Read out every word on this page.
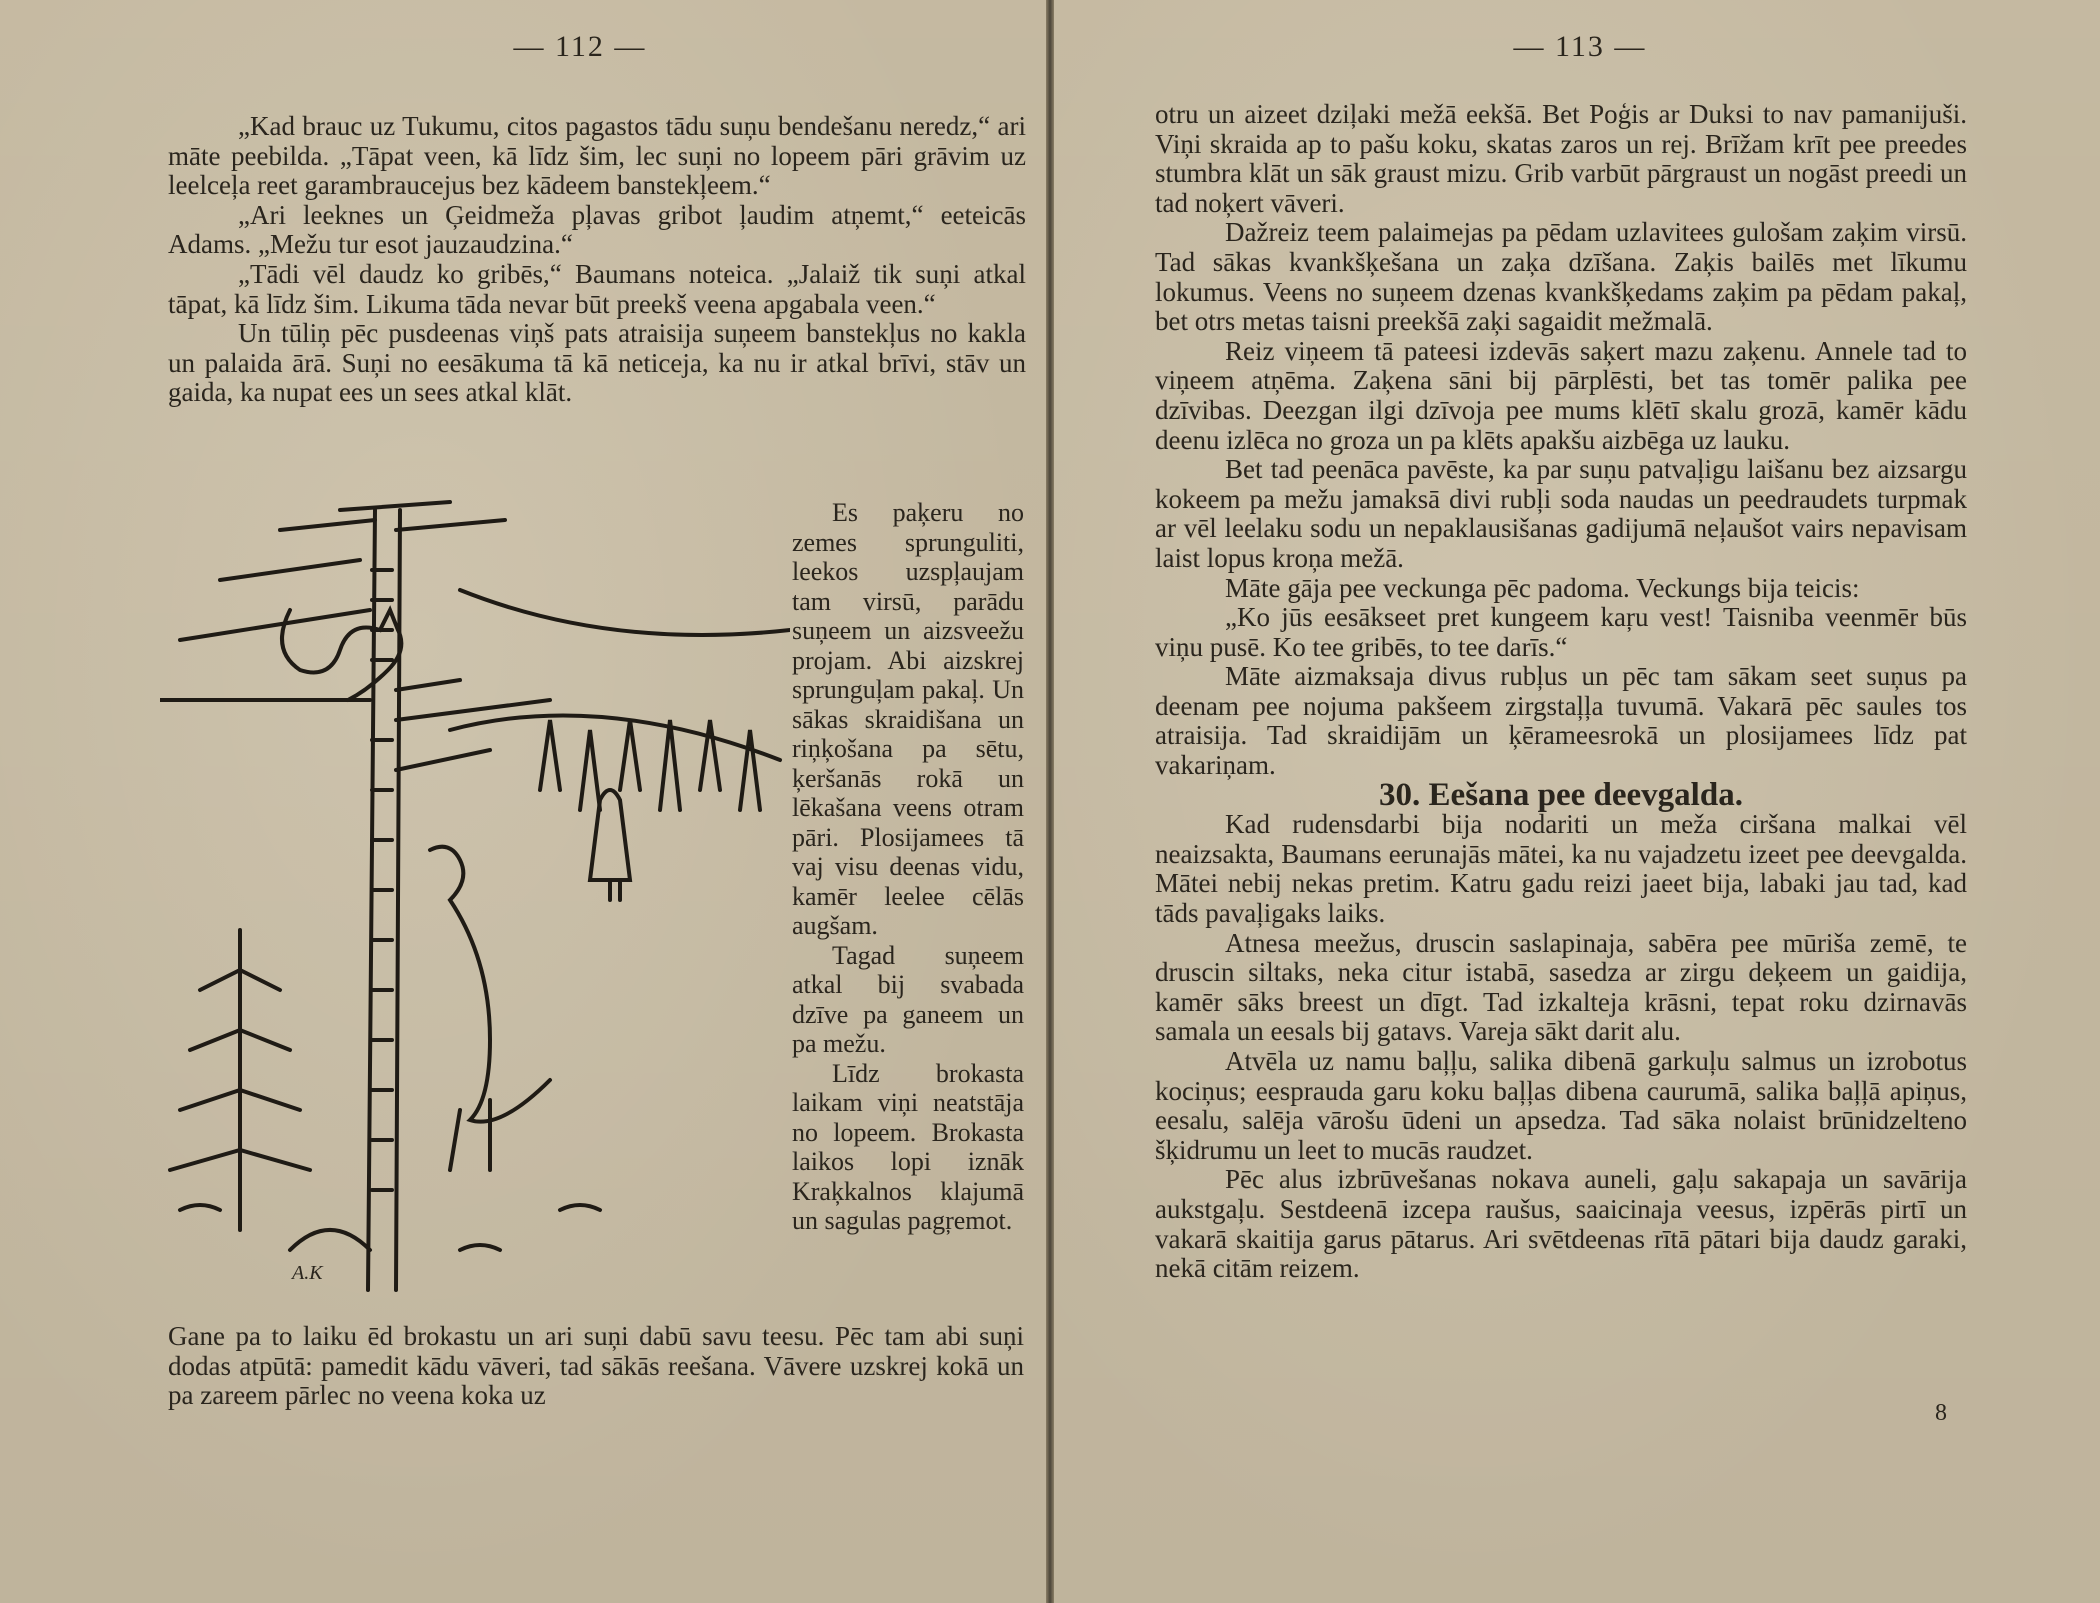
— 112 —	— 113 —

„Kad brauc uz Tukumu, citos pagastos tādu suņu bendešanu neredz,“ ari māte peebilda. „Tāpat veen, kā līdz šim, lec suņi no lopeem pāri grāvim uz leelceļa reet garambraucejus bez kādeem banstekļeem.“

„Ari leeknes un Ģeidmeža pļavas gribot ļaudim atņemt,“ eeteicās Adams. „Mežu tur esot jauzaudzina.“

„Tādi vēl daudz ko gribēs,“ Baumans noteica. „Jalaiž tik suņi atkal tāpat, kā līdz šim. Likuma tāda nevar būt preekš veena apgabala veen.“

Un tūliņ pēc pusdeenas viņš pats atraisija suņeem banstekļus no kakla un palaida ārā. Suņi no eesākuma tā kā neticeja, ka nu ir atkal brīvi, stāv un gaida, ka nupat ees un sees atkal klāt.

A.K

Es paķeru no zemes sprunguliti, leekos uzspļaujam tam virsū, parādu suņeem un aizsveežu projam. Abi aizskrej sprunguļam pakaļ. Un sākas skraidišana un riņķošana pa sētu, ķeršanās rokā un lēkašana veens otram pāri. Plosijamees tā vaj visu deenas vidu, kamēr leelee cēlās augšam.

Tagad suņeem atkal bij svabada dzīve pa ganeem un pa mežu.

Līdz brokasta laikam viņi neatstāja no lopeem. Brokasta laikos lopi iznāk Kraķkalnos klajumā un sagulas pagŗemot.

Gane pa to laiku ēd brokastu un ari suņi dabū savu teesu. Pēc tam abi suņi dodas atpūtā: pamedit kādu vāveri, tad sākās reešana. Vāvere uzskrej kokā un pa zareem pārlec no veena koka uz

otru un aizeet dziļaki mežā eekšā. Bet Poģis ar Duksi to nav pamanijuši. Viņi skraida ap to pašu koku, skatas zaros un rej. Brīžam krīt pee preedes stumbra klāt un sāk graust mizu. Grib varbūt pārgraust un nogāst preedi un tad noķert vāveri.

Dažreiz teem palaimejas pa pēdam uzlavitees gulošam zaķim virsū. Tad sākas kvankšķešana un zaķa dzīšana. Zaķis bailēs met līkumu lokumus. Veens no suņeem dzenas kvankšķedams zaķim pa pēdam pakaļ, bet otrs metas taisni preekšā zaķi sagaidit mežmalā.

Reiz viņeem tā pateesi izdevās saķert mazu zaķenu. Annele tad to viņeem atņēma. Zaķena sāni bij pārplēsti, bet tas tomēr palika pee dzīvibas. Deezgan ilgi dzīvoja pee mums klētī skalu grozā, kamēr kādu deenu izlēca no groza un pa klēts apakšu aizbēga uz lauku.

Bet tad peenāca pavēste, ka par suņu patvaļigu laišanu bez aizsargu kokeem pa mežu jamaksā divi rubļi soda naudas un peedraudets turpmak ar vēl leelaku sodu un nepaklausišanas gadijumā neļaušot vairs nepavisam laist lopus kroņa mežā.

Māte gāja pee veckunga pēc padoma. Veckungs bija teicis:

„Ko jūs eesākseet pret kungeem kaŗu vest! Taisniba veenmēr būs viņu pusē. Ko tee gribēs, to tee darīs.“

Māte aizmaksaja divus rubļus un pēc tam sākam seet suņus pa deenam pee nojuma pakšeem zirgstaļļa tuvumā. Vakarā pēc saules tos atraisija. Tad skraidijām un ķērameesrokā un plosijamees līdz pat vakariņam.

30. Eešana pee deevgalda.

Kad rudensdarbi bija nodariti un meža ciršana malkai vēl neaizsakta, Baumans eerunajās mātei, ka nu vajadzetu izeet pee deevgalda. Mātei nebij nekas pretim. Katru gadu reizi jaeet bija, labaki jau tad, kad tāds pavaļigaks laiks.

Atnesa meežus, druscin saslapinaja, sabēra pee mūriša zemē, te druscin siltaks, neka citur istabā, sasedza ar zirgu deķeem un gaidija, kamēr sāks breest un dīgt. Tad izkalteja krāsni, tepat roku dzirnavās samala un eesals bij gatavs. Vareja sākt darit alu.

Atvēla uz namu baļļu, salika dibenā garkuļu salmus un izrobotus kociņus; eesprauda garu koku baļļas dibena caurumā, salika baļļā apiņus, eesalu, salēja vārošu ūdeni un apsedza. Tad sāka nolaist brūnidzelteno šķidrumu un leet to mucās raudzet.

Pēc alus izbrūvešanas nokava auneli, gaļu sakapaja un savārija aukstgaļu. Sestdeenā izcepa raušus, saaicinaja veesus, izpērās pirtī un vakarā skaitija garus pātarus. Ari svētdeenas rītā pātari bija daudz garaki, nekā citām reizem.

8
